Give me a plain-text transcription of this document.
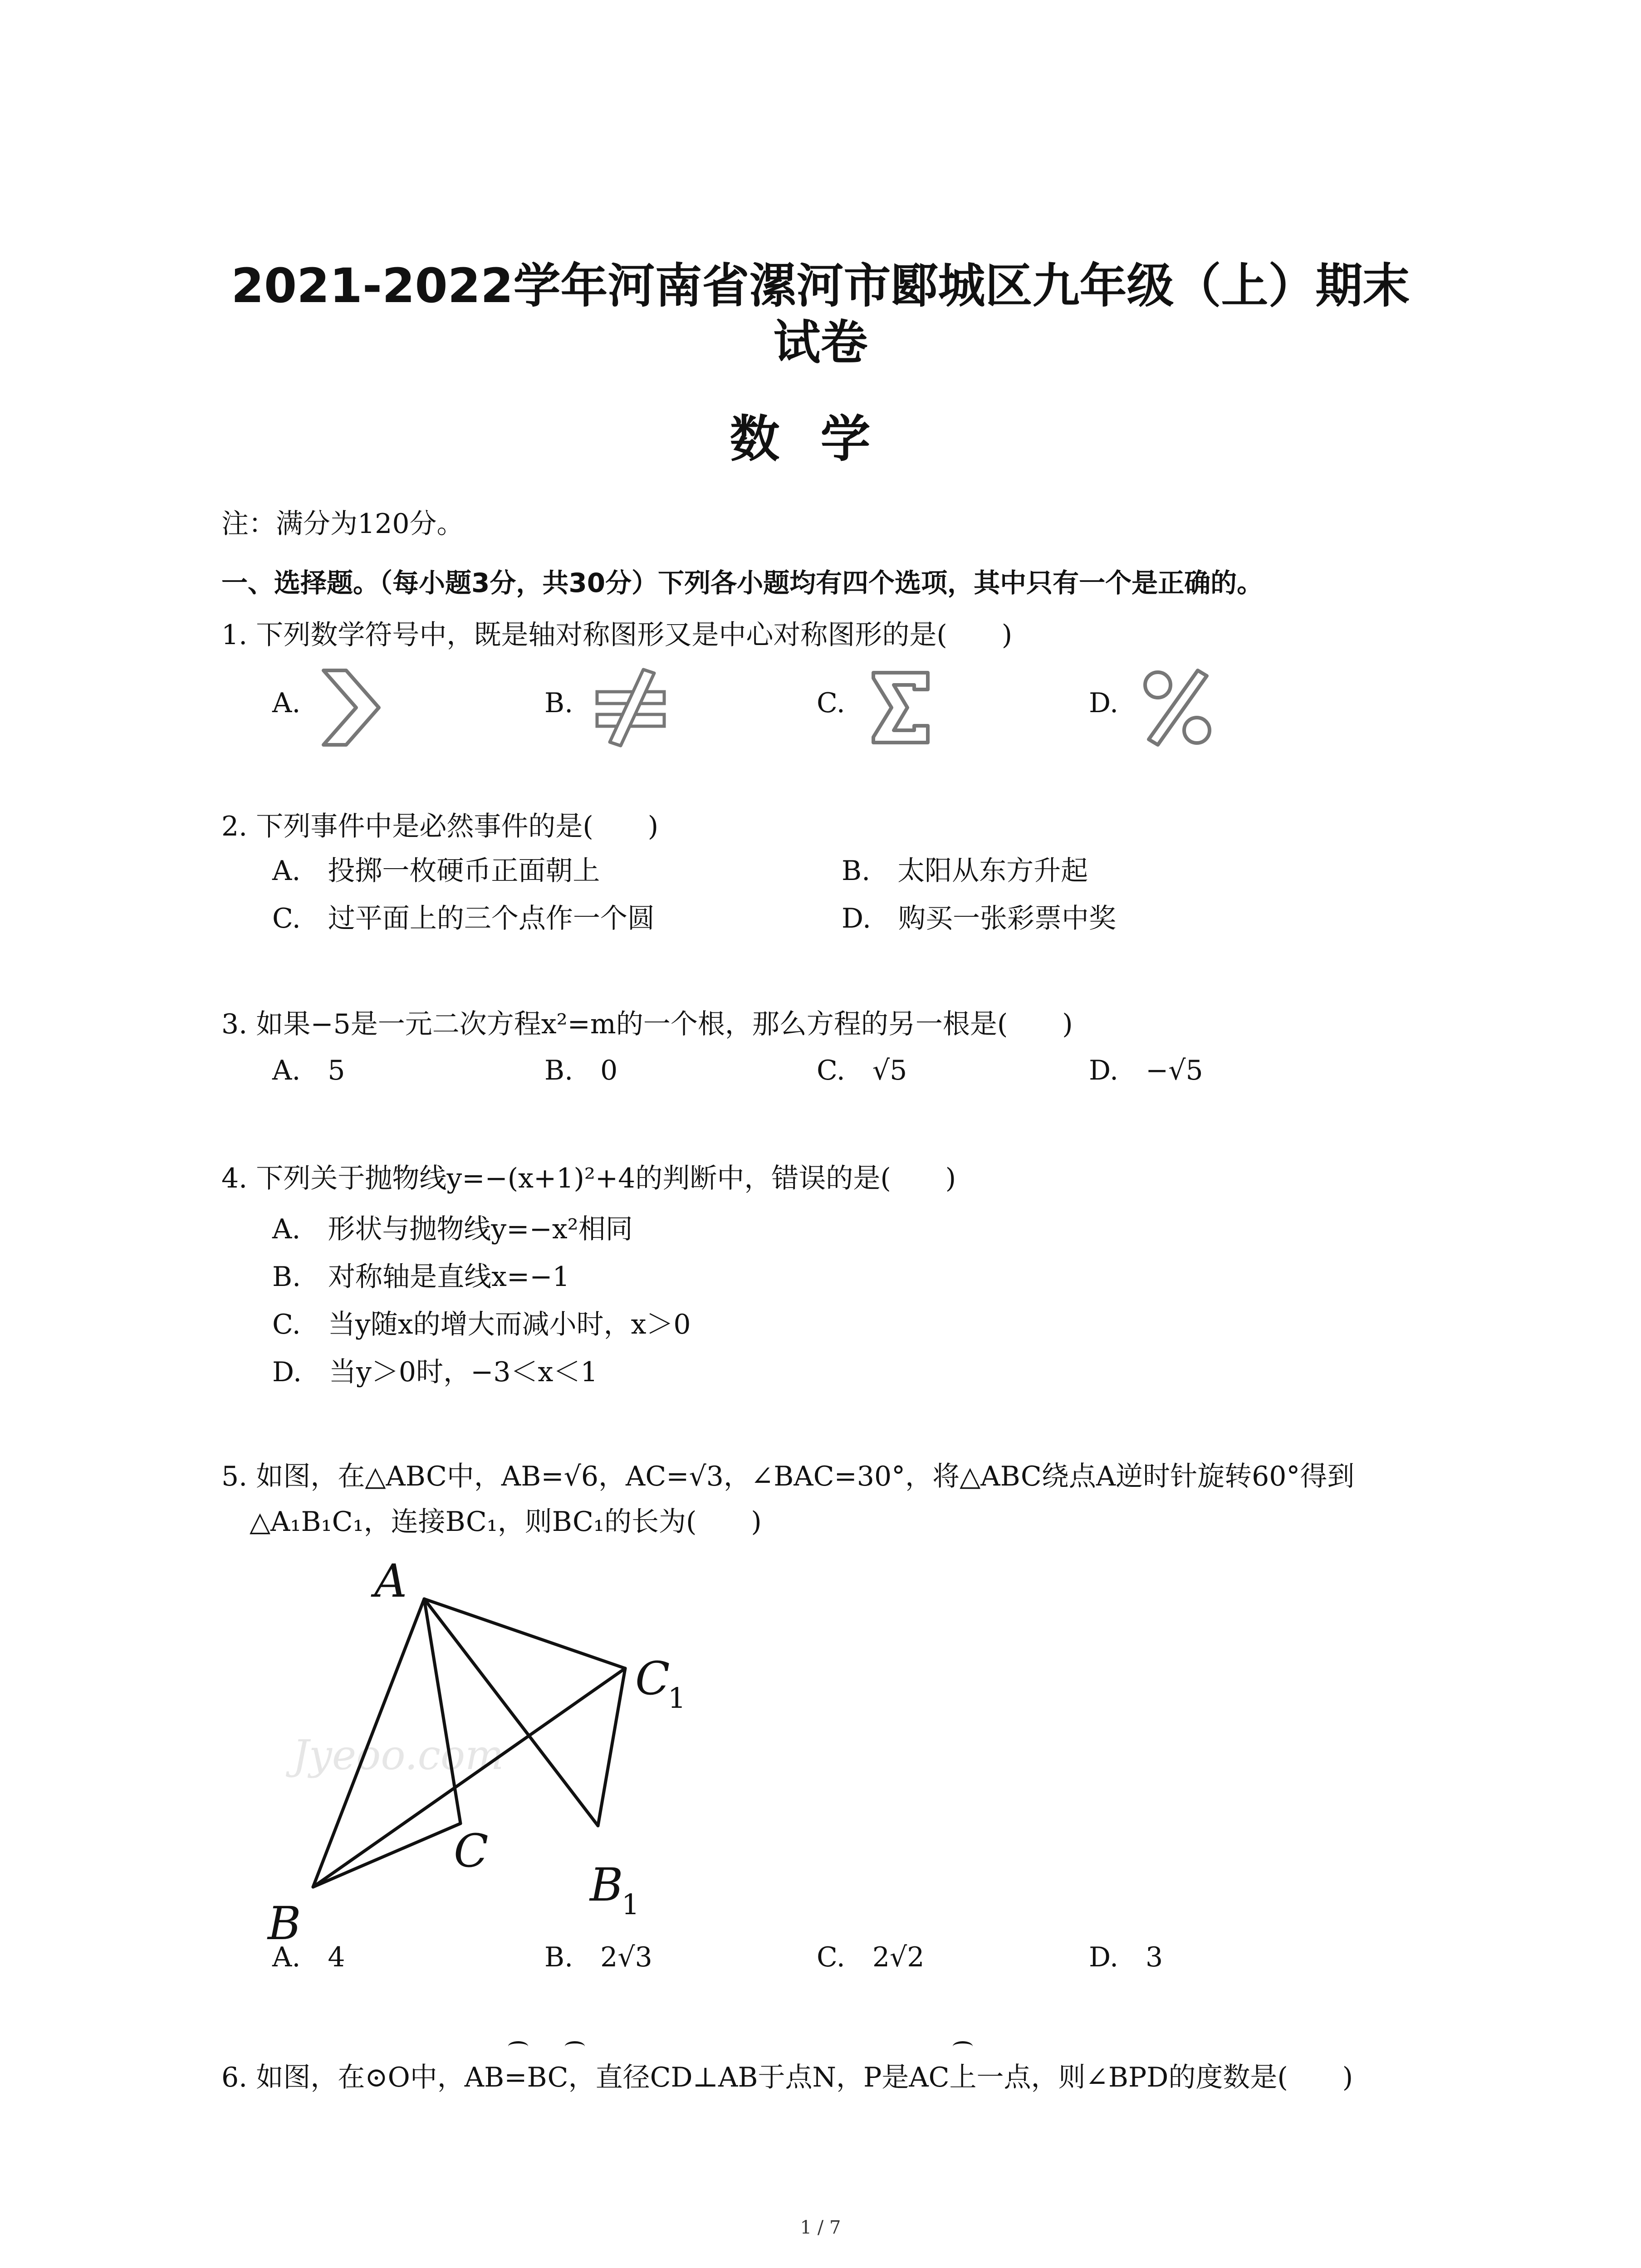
2021-2022学年河南省漯河市郾城区九年级（上）期末
试卷
数学
注：满分为120分。
一、选择题。（每小题3分，共30分）下列各小题均有四个选项，其中只有一个是正确的。
1. 下列数学符号中，既是轴对称图形又是中心对称图形的是(　　)
A.	B.	C.	D.
2. 下列事件中是必然事件的是(　　)
A.　投掷一枚硬币正面朝上	B.　太阳从东方升起
C.　过平面上的三个点作一个圆	D.　购买一张彩票中奖
3. 如果−5是一元二次方程x²=m的一个根，那么方程的另一根是(　　)
A.　5	B.　0	C.　√5	D.　−√5
4. 下列关于抛物线y=−(x+1)²+4的判断中，错误的是(　　)
A.　形状与抛物线y=−x²相同
B.　对称轴是直线x=−1
C.　当y随x的增大而减小时，x＞0
D.　当y＞0时，−3＜x＜1
5. 如图，在△ABC中，AB=√6，AC=√3，∠BAC=30°，将△ABC绕点A逆时针旋转60°得到
△A₁B₁C₁，连接BC₁，则BC₁的长为(　　)
Jyeoo.com
A
C
1
C
B
1
B
A.　4	B.　2√3	C.　2√2	D.　3
6. 如图，在⊙O中，AB=BC，直径CD⊥AB于点N，P是AC上一点，则∠BPD的度数是(　　)
1 / 7
